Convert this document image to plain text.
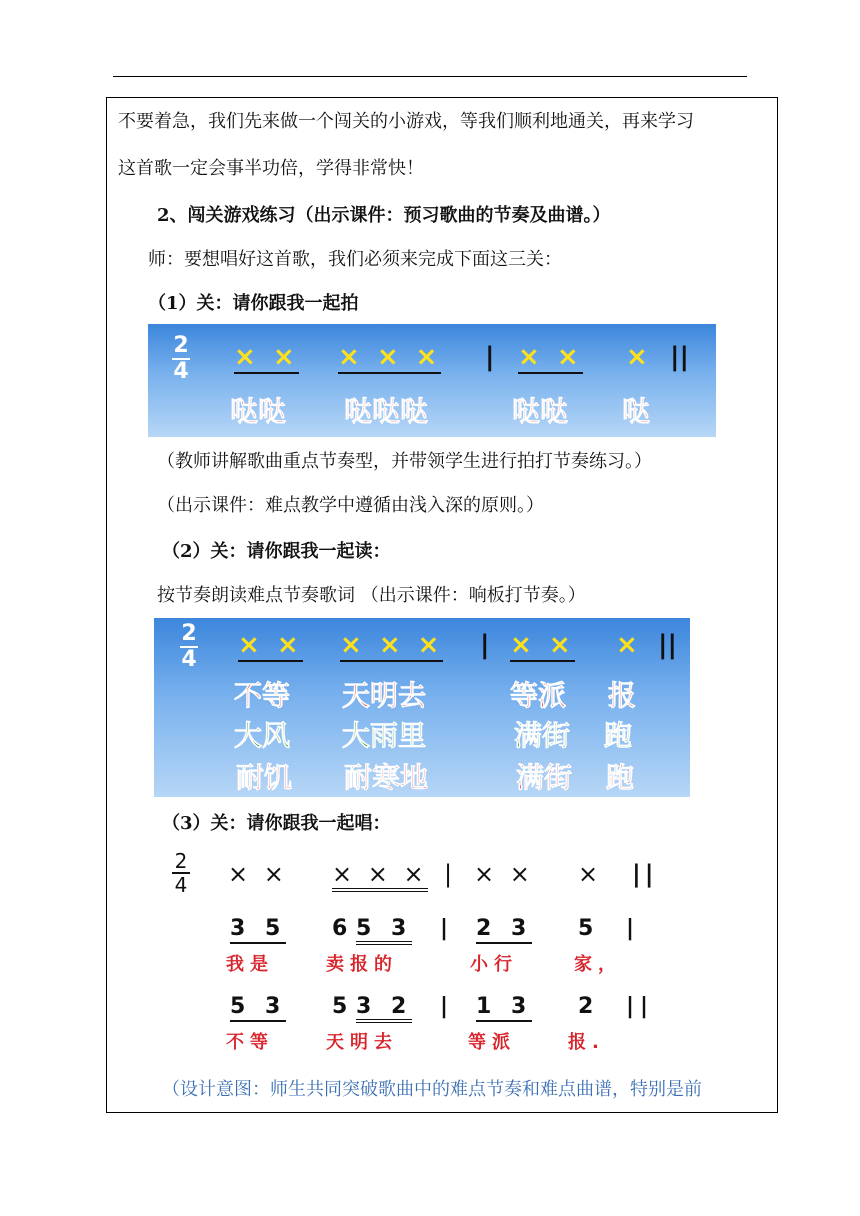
不要着急，我们先来做一个闯关的小游戏，等我们顺利地通关，再来学习
这首歌一定会事半功倍，学得非常快！
2、闯关游戏练习（出示课件：预习歌曲的节奏及曲谱。）
师：要想唱好这首歌，我们必须来完成下面这三关：
（1）关：请你跟我一起拍
2
4 × × × × × | × × × ||
哒哒 哒哒哒	哒哒 哒
（教师讲解歌曲重点节奏型，并带领学生进行拍打节奏练习。）
（出示课件：难点教学中遵循由浅入深的原则。）
（2）关：请你跟我一起读：
按节奏朗读难点节奏歌词 （出示课件：响板打节奏。）
2
4 × × × × × | × × × ||
不等 天明去	等派 报
大风 大雨里	满街 跑
耐饥 耐寒地	满街 跑
（3）关：请你跟我一起唱：
2
4 × × × × × | × × × ||
3 5 6 5 3 | 2 3 5 |
我是	卖报的	小行	家，
5 3 5 3 2 | 1 3 2 ||
不等	天明去	等派	报.
（设计意图：师生共同突破歌曲中的难点节奏和难点曲谱，特别是前
